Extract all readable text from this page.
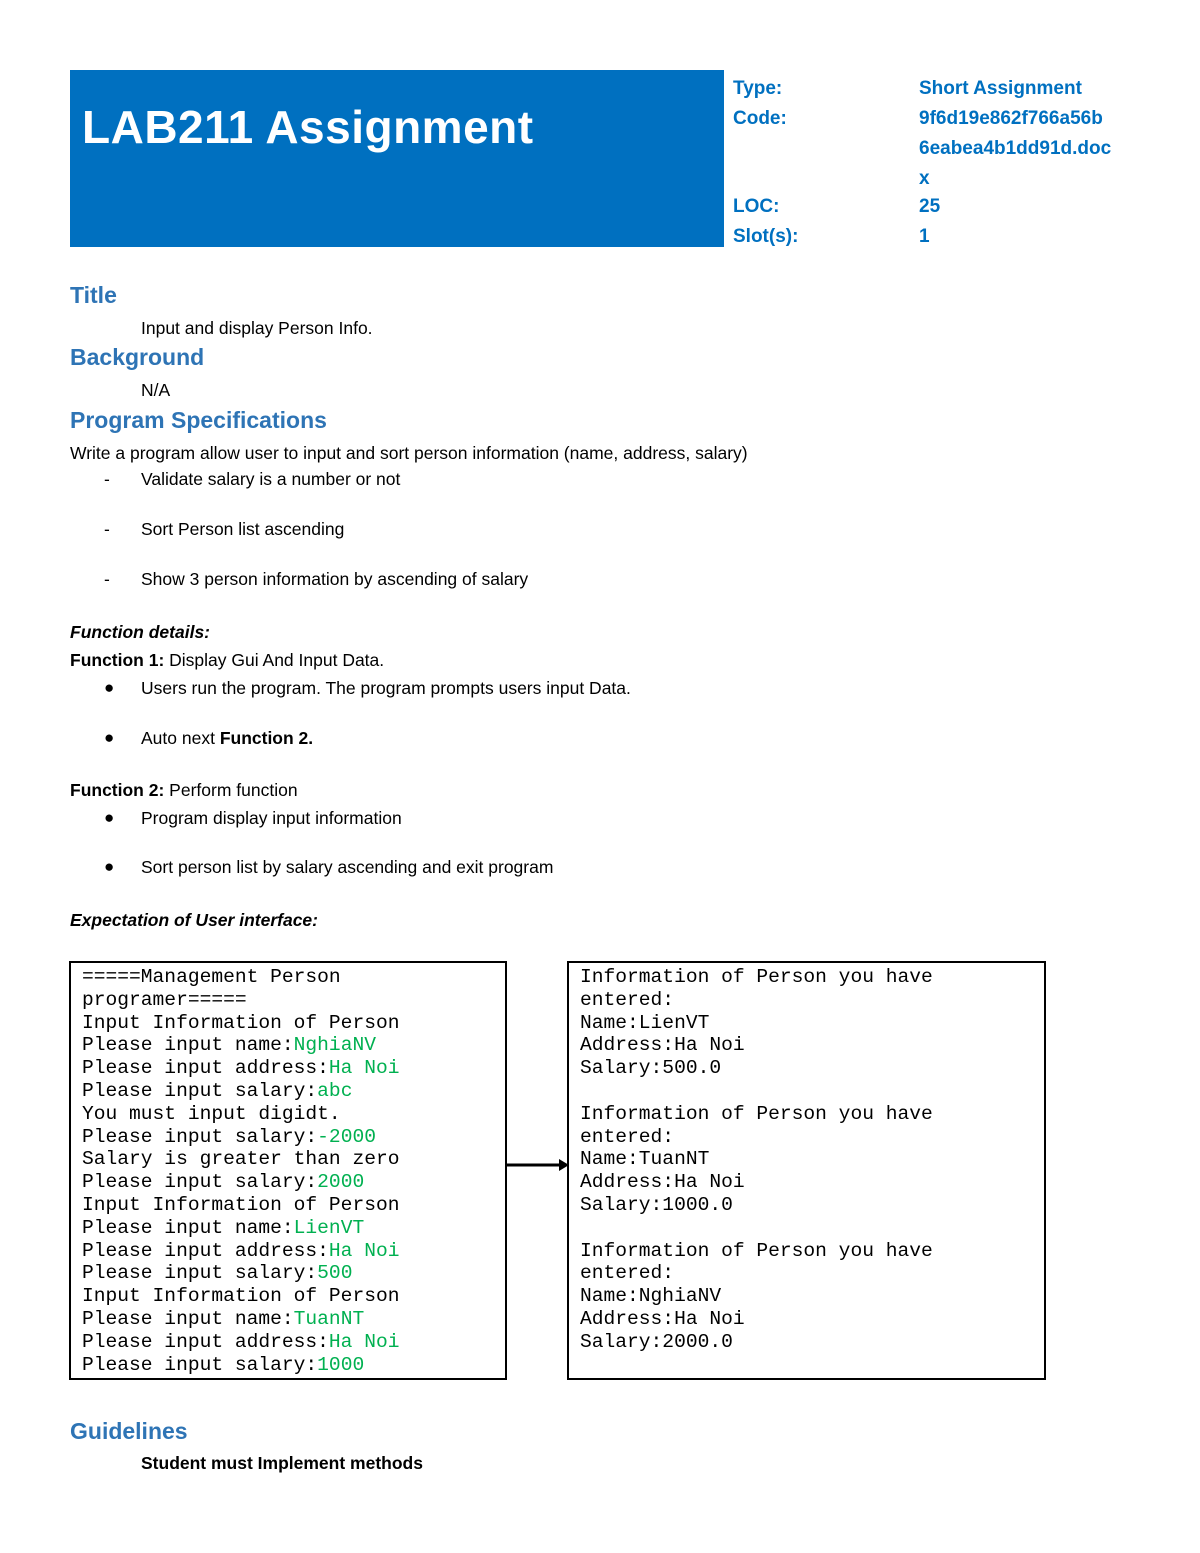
LAB211 Assignment
Type:	Short Assignment
Code:	9f6d19e862f766a56b
6eabea4b1dd91d.doc
x
LOC:	25
Slot(s):	1
Title
Input and display Person Info.
Background
N/A
Program Specifications
Write a program allow user to input and sort person information (name, address, salary)
- Validate salary is a number or not
- Sort Person list ascending
- Show 3 person information by ascending of salary
Function details:
Function 1: Display Gui And Input Data.
● Users run the program. The program prompts users input Data.
● Auto next Function 2.
Function 2: Perform function
● Program display input information
● Sort person list by salary ascending and exit program
Expectation of User interface:
=====Management Person
programer=====
Input Information of Person
Please input name:NghiaNV
Please input address:Ha Noi
Please input salary:abc
You must input digidt.
Please input salary:-2000
Salary is greater than zero
Please input salary:2000
Input Information of Person
Please input name:LienVT
Please input address:Ha Noi
Please input salary:500
Input Information of Person
Please input name:TuanNT
Please input address:Ha Noi
Please input salary:1000
Information of Person you have
entered:
Name:LienVT
Address:Ha Noi
Salary:500.0

Information of Person you have
entered:
Name:TuanNT
Address:Ha Noi
Salary:1000.0

Information of Person you have
entered:
Name:NghiaNV
Address:Ha Noi
Salary:2000.0
Guidelines
Student must Implement methods
